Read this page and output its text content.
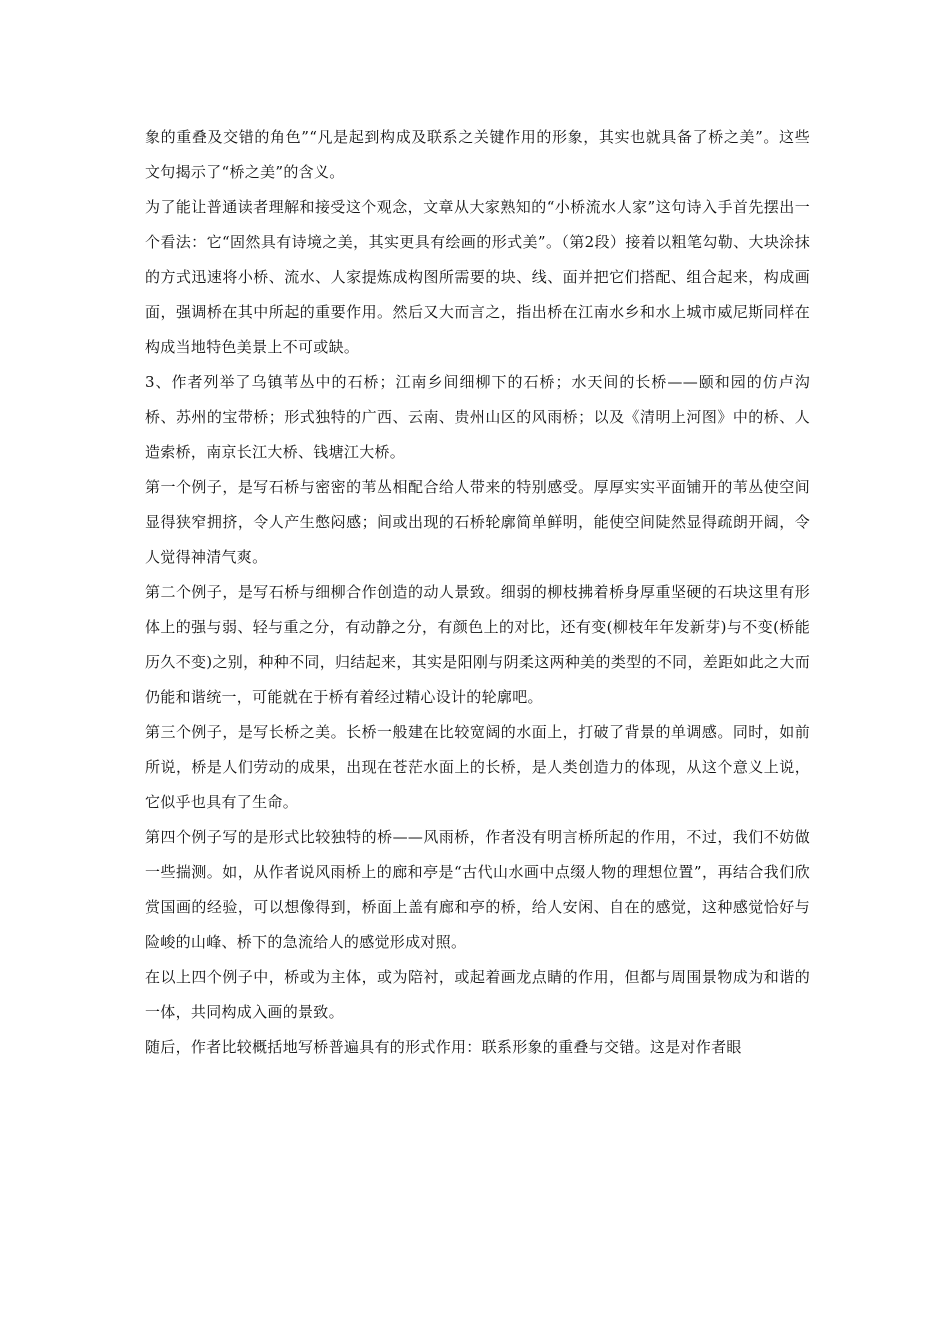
象的重叠及交错的角色”“凡是起到构成及联系之关键作用的形象，其实也就具备了桥之美”。这些文句揭示了“桥之美”的含义。

为了能让普通读者理解和接受这个观念，文章从大家熟知的“小桥流水人家”这句诗入手首先摆出一个看法：它“固然具有诗境之美，其实更具有绘画的形式美”。（第2段）接着以粗笔勾勒、大块涂抹的方式迅速将小桥、流水、人家提炼成构图所需要的块、线、面并把它们搭配、组合起来，构成画面，强调桥在其中所起的重要作用。然后又大而言之，指出桥在江南水乡和水上城市威尼斯同样在构成当地特色美景上不可或缺。

3、作者列举了乌镇苇丛中的石桥；江南乡间细柳下的石桥；水天间的长桥——颐和园的仿卢沟桥、苏州的宝带桥；形式独特的广西、云南、贵州山区的风雨桥；以及《清明上河图》中的桥、人造索桥，南京长江大桥、钱塘江大桥。

第一个例子，是写石桥与密密的苇丛相配合给人带来的特别感受。厚厚实实平面铺开的苇丛使空间显得狭窄拥挤，令人产生憋闷感；间或出现的石桥轮廓简单鲜明，能使空间陡然显得疏朗开阔，令人觉得神清气爽。

第二个例子，是写石桥与细柳合作创造的动人景致。细弱的柳枝拂着桥身厚重坚硬的石块这里有形体上的强与弱、轻与重之分，有动静之分，有颜色上的对比，还有变(柳枝年年发新芽)与不变(桥能历久不变)之别，种种不同，归结起来，其实是阳刚与阴柔这两种美的类型的不同，差距如此之大而仍能和谐统一，可能就在于桥有着经过精心设计的轮廓吧。

第三个例子，是写长桥之美。长桥一般建在比较宽阔的水面上，打破了背景的单调感。同时，如前所说，桥是人们劳动的成果，出现在苍茫水面上的长桥，是人类创造力的体现，从这个意义上说，它似乎也具有了生命。

第四个例子写的是形式比较独特的桥——风雨桥，作者没有明言桥所起的作用，不过，我们不妨做一些揣测。如，从作者说风雨桥上的廊和亭是“古代山水画中点缀人物的理想位置”，再结合我们欣赏国画的经验，可以想像得到，桥面上盖有廊和亭的桥，给人安闲、自在的感觉，这种感觉恰好与险峻的山峰、桥下的急流给人的感觉形成对照。

在以上四个例子中，桥或为主体，或为陪衬，或起着画龙点睛的作用，但都与周围景物成为和谐的一体，共同构成入画的景致。

随后，作者比较概括地写桥普遍具有的形式作用：联系形象的重叠与交错。这是对作者眼
